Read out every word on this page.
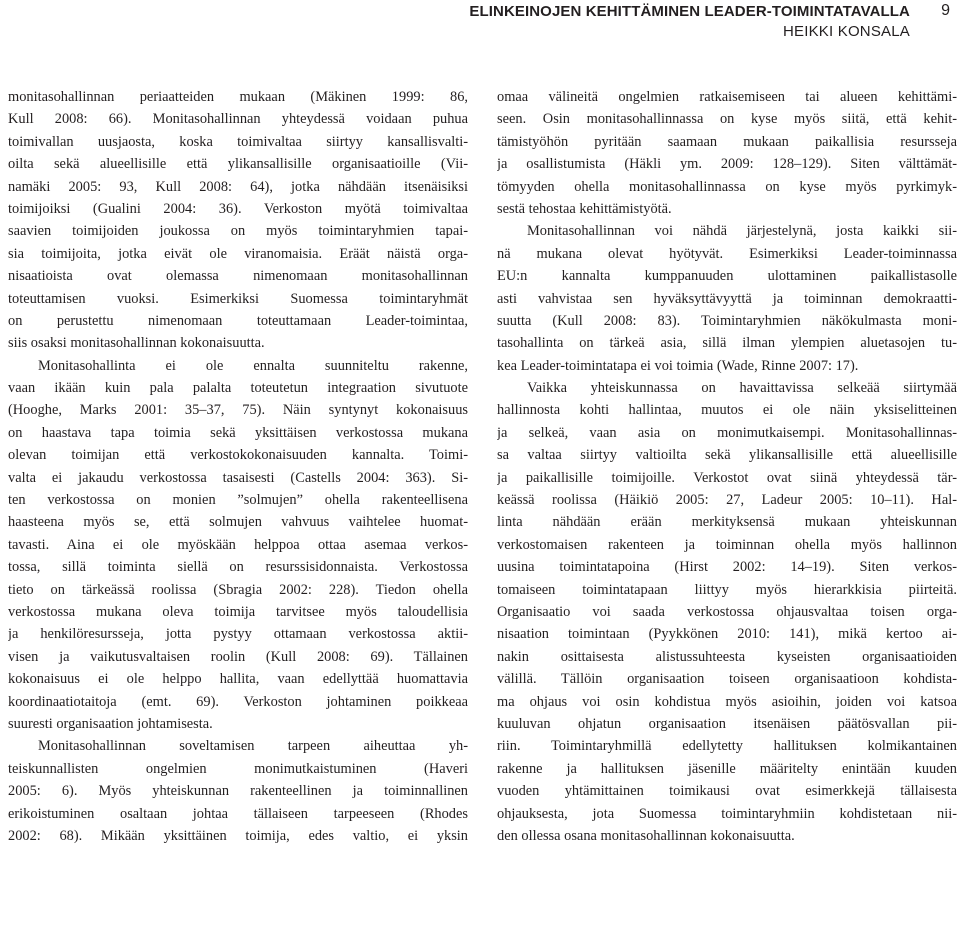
ELINKEINOJEN KEHITTÄMINEN LEADER-TOIMINTATAVALLA
HEIKKI KONSALA
9
monitasohallinnan periaatteiden mukaan (Mäkinen 1999: 86,
Kull 2008: 66). Monitasohallinnan yhteydessä voidaan puhua
toimivallan uusjaosta, koska toimivaltaa siirtyy kansallisvalti-
oilta sekä alueellisille että ylikansallisille organisaatioille (Vii-
namäki 2005: 93, Kull 2008: 64), jotka nähdään itsenäisiksi
toimijoiksi (Gualini 2004: 36). Verkoston myötä toimivaltaa
saavien toimijoiden joukossa on myös toimintaryhmien tapai-
sia toimijoita, jotka eivät ole viranomaisia. Eräät näistä orga-
nisaatioista ovat olemassa nimenomaan monitasohallinnan
toteuttamisen vuoksi. Esimerkiksi Suomessa toimintaryhmät
on perustettu nimenomaan toteuttamaan Leader-toimintaa,
siis osaksi monitasohallinnan kokonaisuutta.
Monitasohallinta ei ole ennalta suunniteltu rakenne,
vaan ikään kuin pala palalta toteutetun integraation sivutuote
(Hooghe, Marks 2001: 35–37, 75). Näin syntynyt kokonaisuus
on haastava tapa toimia sekä yksittäisen verkostossa mukana
olevan toimijan että verkostokokonaisuuden kannalta. Toimi-
valta ei jakaudu verkostossa tasaisesti (Castells 2004: 363). Si-
ten verkostossa on monien ”solmujen” ohella rakenteellisena
haasteena myös se, että solmujen vahvuus vaihtelee huomat-
tavasti. Aina ei ole myöskään helppoa ottaa asemaa verkos-
tossa, sillä toiminta siellä on resurssisidonnaista. Verkostossa
tieto on tärkeässä roolissa (Sbragia 2002: 228). Tiedon ohella
verkostossa mukana oleva toimija tarvitsee myös taloudellisia
ja henkilöresursseja, jotta pystyy ottamaan verkostossa aktii-
visen ja vaikutusvaltaisen roolin (Kull 2008: 69). Tällainen
kokonaisuus ei ole helppo hallita, vaan edellyttää huomattavia
koordinaatiotaitoja (emt. 69). Verkoston johtaminen poikkeaa
suuresti organisaation johtamisesta.
Monitasohallinnan soveltamisen tarpeen aiheuttaa yh-
teiskunnallisten ongelmien monimutkaistuminen (Haveri
2005: 6). Myös yhteiskunnan rakenteellinen ja toiminnallinen
erikoistuminen osaltaan johtaa tällaiseen tarpeeseen (Rhodes
2002: 68). Mikään yksittäinen toimija, edes valtio, ei yksin
omaa välineitä ongelmien ratkaisemiseen tai alueen kehittämi-
seen. Osin monitasohallinnassa on kyse myös siitä, että kehit-
tämistyöhön pyritään saamaan mukaan paikallisia resursseja
ja osallistumista (Häkli ym. 2009: 128–129). Siten välttämät-
tömyyden ohella monitasohallinnassa on kyse myös pyrkimyk-
sestä tehostaa kehittämistyötä.
Monitasohallinnan voi nähdä järjestelynä, josta kaikki sii-
nä mukana olevat hyötyvät. Esimerkiksi Leader-toiminnassa
EU:n kannalta kumppanuuden ulottaminen paikallistasolle
asti vahvistaa sen hyväksyttävyyttä ja toiminnan demokraatti-
suutta (Kull 2008: 83). Toimintaryhmien näkökulmasta moni-
tasohallinta on tärkeä asia, sillä ilman ylempien aluetasojen tu-
kea Leader-toimintatapa ei voi toimia (Wade, Rinne 2007: 17).
Vaikka yhteiskunnassa on havaittavissa selkeää siirtymää
hallinnosta kohti hallintaa, muutos ei ole näin yksiselitteinen
ja selkeä, vaan asia on monimutkaisempi. Monitasohallinnas-
sa valtaa siirtyy valtioilta sekä ylikansallisille että alueellisille
ja paikallisille toimijoille. Verkostot ovat siinä yhteydessä tär-
keässä roolissa (Häikiö 2005: 27, Ladeur 2005: 10–11). Hal-
linta nähdään erään merkityksensä mukaan yhteiskunnan
verkostomaisen rakenteen ja toiminnan ohella myös hallinnon
uusina toimintatapoina (Hirst 2002: 14–19). Siten verkos-
tomaiseen toimintatapaan liittyy myös hierarkkisia piirteitä.
Organisaatio voi saada verkostossa ohjausvaltaa toisen orga-
nisaation toimintaan (Pyykkönen 2010: 141), mikä kertoo ai-
nakin osittaisesta alistussuhteesta kyseisten organisaatioiden
välillä. Tällöin organisaation toiseen organisaatioon kohdista-
ma ohjaus voi osin kohdistua myös asioihin, joiden voi katsoa
kuuluvan ohjatun organisaation itsenäisen päätösvallan pii-
riin. Toimintaryhmillä edellytetty hallituksen kolmikantainen
rakenne ja hallituksen jäsenille määritelty enintään kuuden
vuoden yhtämittainen toimikausi ovat esimerkkejä tällaisesta
ohjauksesta, jota Suomessa toimintaryhmiin kohdistetaan nii-
den ollessa osana monitasohallinnan kokonaisuutta.
